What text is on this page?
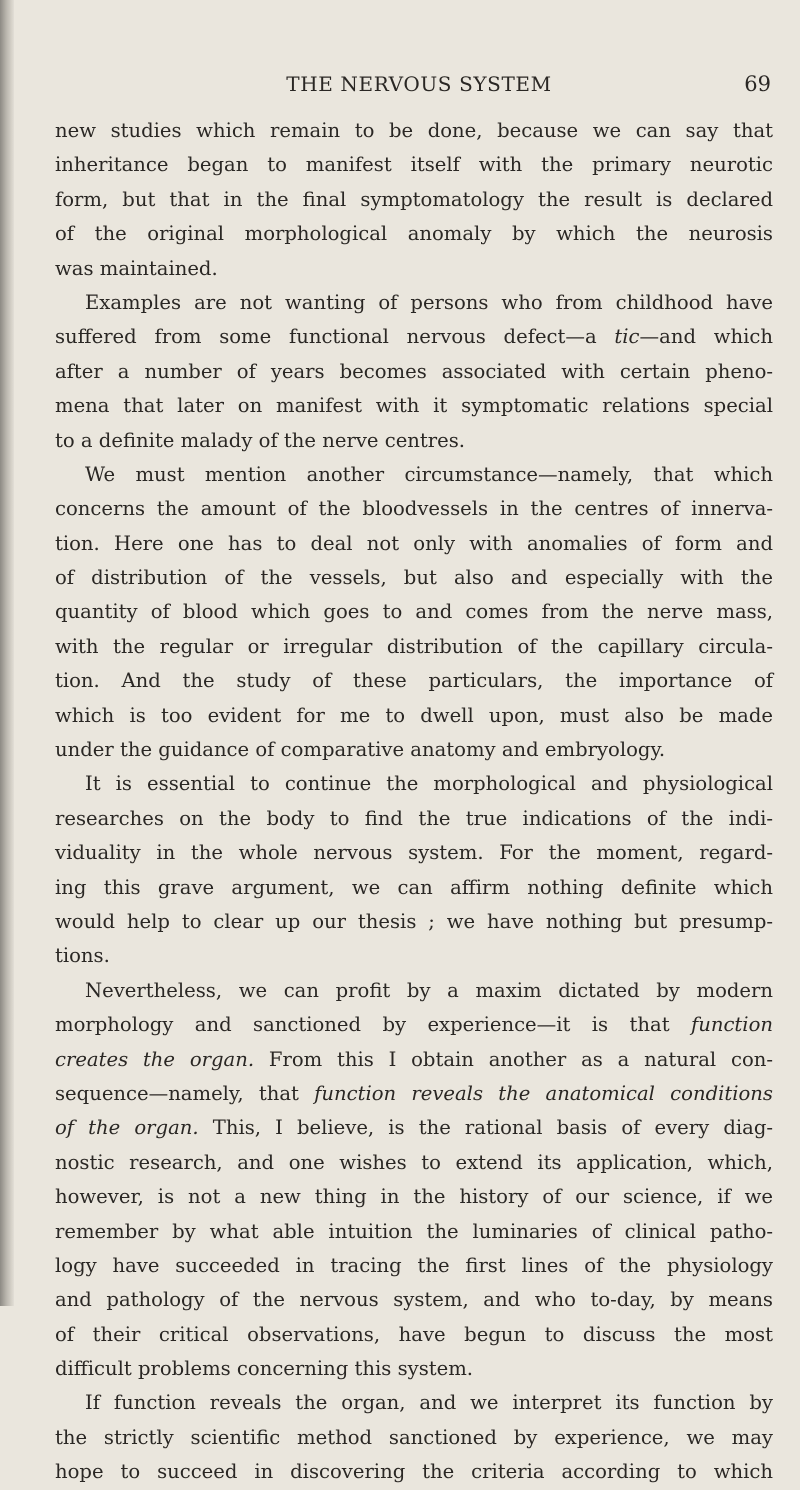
THE NERVOUS SYSTEM	69
new studies which remain to be done, because we can say that
inheritance began to manifest itself with the primary neurotic
form, but that in the final symptomatology the result is declared
of the original morphological anomaly by which the neurosis
was maintained.
Examples are not wanting of persons who from childhood have
suffered from some functional nervous defect—a tic—and which
after a number of years becomes associated with certain pheno-
mena that later on manifest with it symptomatic relations special
to a definite malady of the nerve centres.
We must mention another circumstance—namely, that which
concerns the amount of the bloodvessels in the centres of innerva-
tion. Here one has to deal not only with anomalies of form and
of distribution of the vessels, but also and especially with the
quantity of blood which goes to and comes from the nerve mass,
with the regular or irregular distribution of the capillary circula-
tion. And the study of these particulars, the importance of
which is too evident for me to dwell upon, must also be made
under the guidance of comparative anatomy and embryology.
It is essential to continue the morphological and physiological
researches on the body to find the true indications of the indi-
viduality in the whole nervous system. For the moment, regard-
ing this grave argument, we can affirm nothing definite which
would help to clear up our thesis ; we have nothing but presump-
tions.
Nevertheless, we can profit by a maxim dictated by modern
morphology and sanctioned by experience—it is that function
creates the organ. From this I obtain another as a natural con-
sequence—namely, that function reveals the anatomical conditions
of the organ. This, I believe, is the rational basis of every diag-
nostic research, and one wishes to extend its application, which,
however, is not a new thing in the history of our science, if we
remember by what able intuition the luminaries of clinical patho-
logy have succeeded in tracing the first lines of the physiology
and pathology of the nervous system, and who to-day, by means
of their critical observations, have begun to discuss the most
difficult problems concerning this system.
If function reveals the organ, and we interpret its function by
the strictly scientific method sanctioned by experience, we may
hope to succeed in discovering the criteria according to which
